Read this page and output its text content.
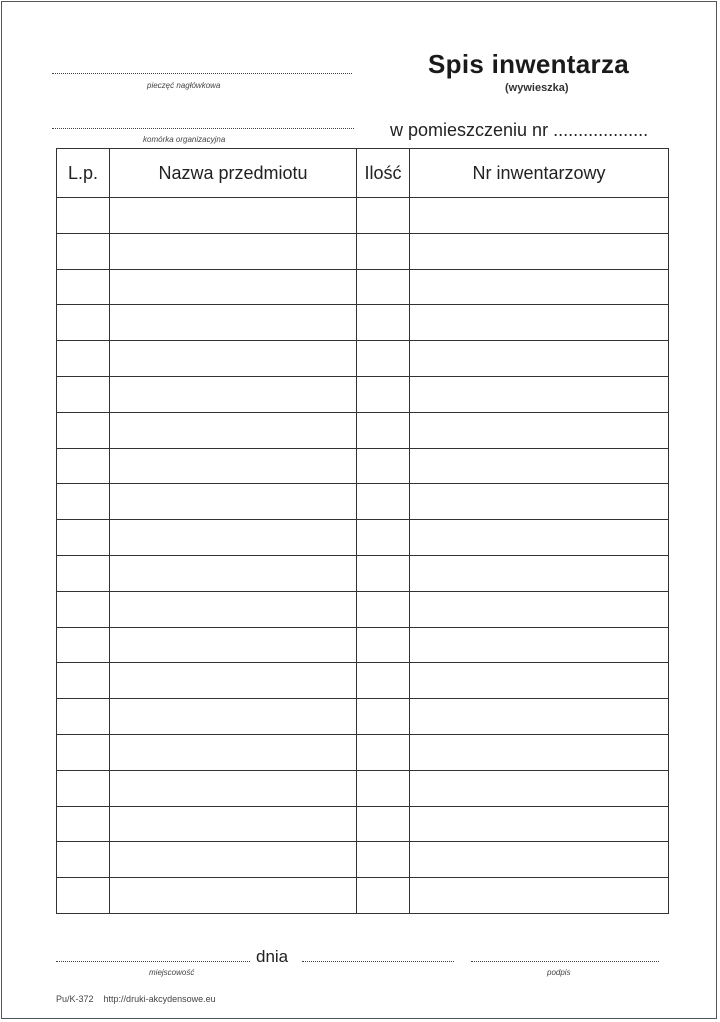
pieczęć nagłówkowa
Spis inwentarza
(wywieszka)
komórka organizacyjna	w pomieszczeniu nr ...................
L.p.	Nazwa przedmiotu	Ilość	Nr inwentarzowy

dnia
miejscowość	podpis
Pu/K-372 http://druki-akcydensowe.eu
